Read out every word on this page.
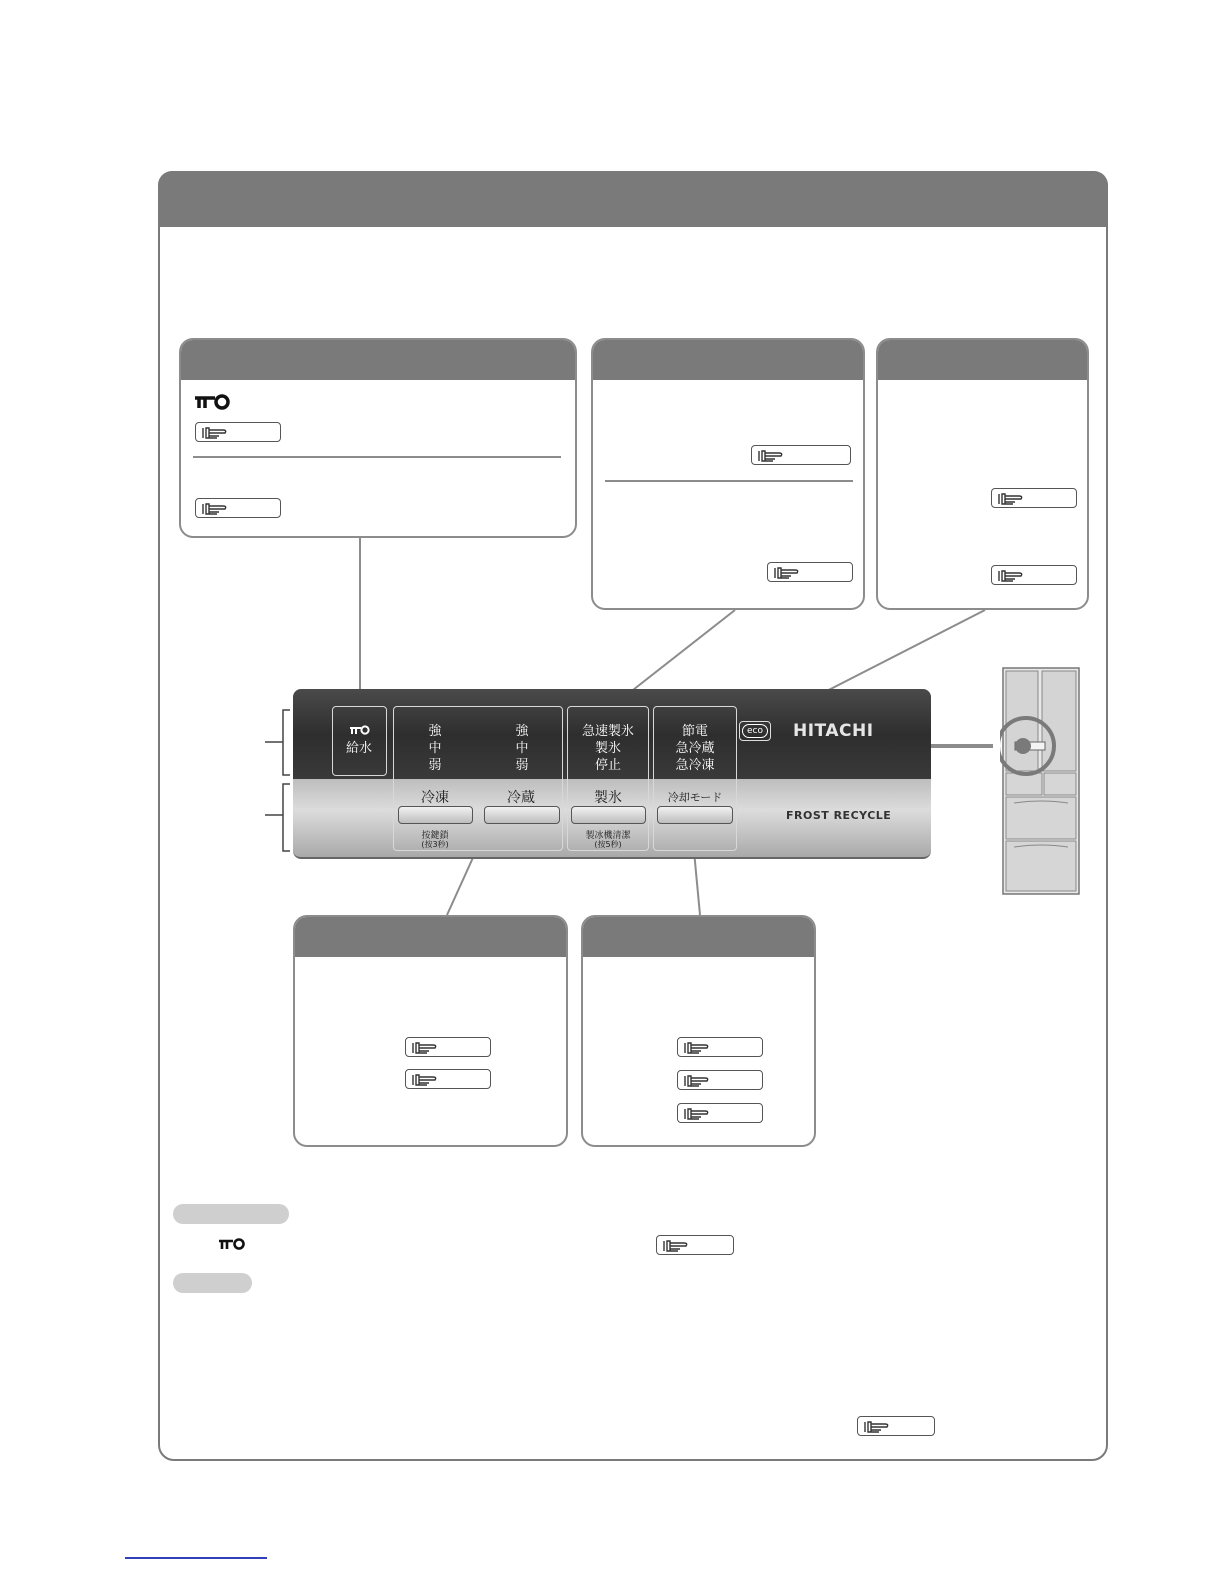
給水
強
中
弱
強
中
弱
急速製氷
製氷
停止
節電
急冷蔵
急冷凍
eco HITACHI
冷凍	冷蔵
按鍵鎖
(按3秒)
製氷
製冰機清潔
(按5秒)
冷却モード
FROST RECYCLE
